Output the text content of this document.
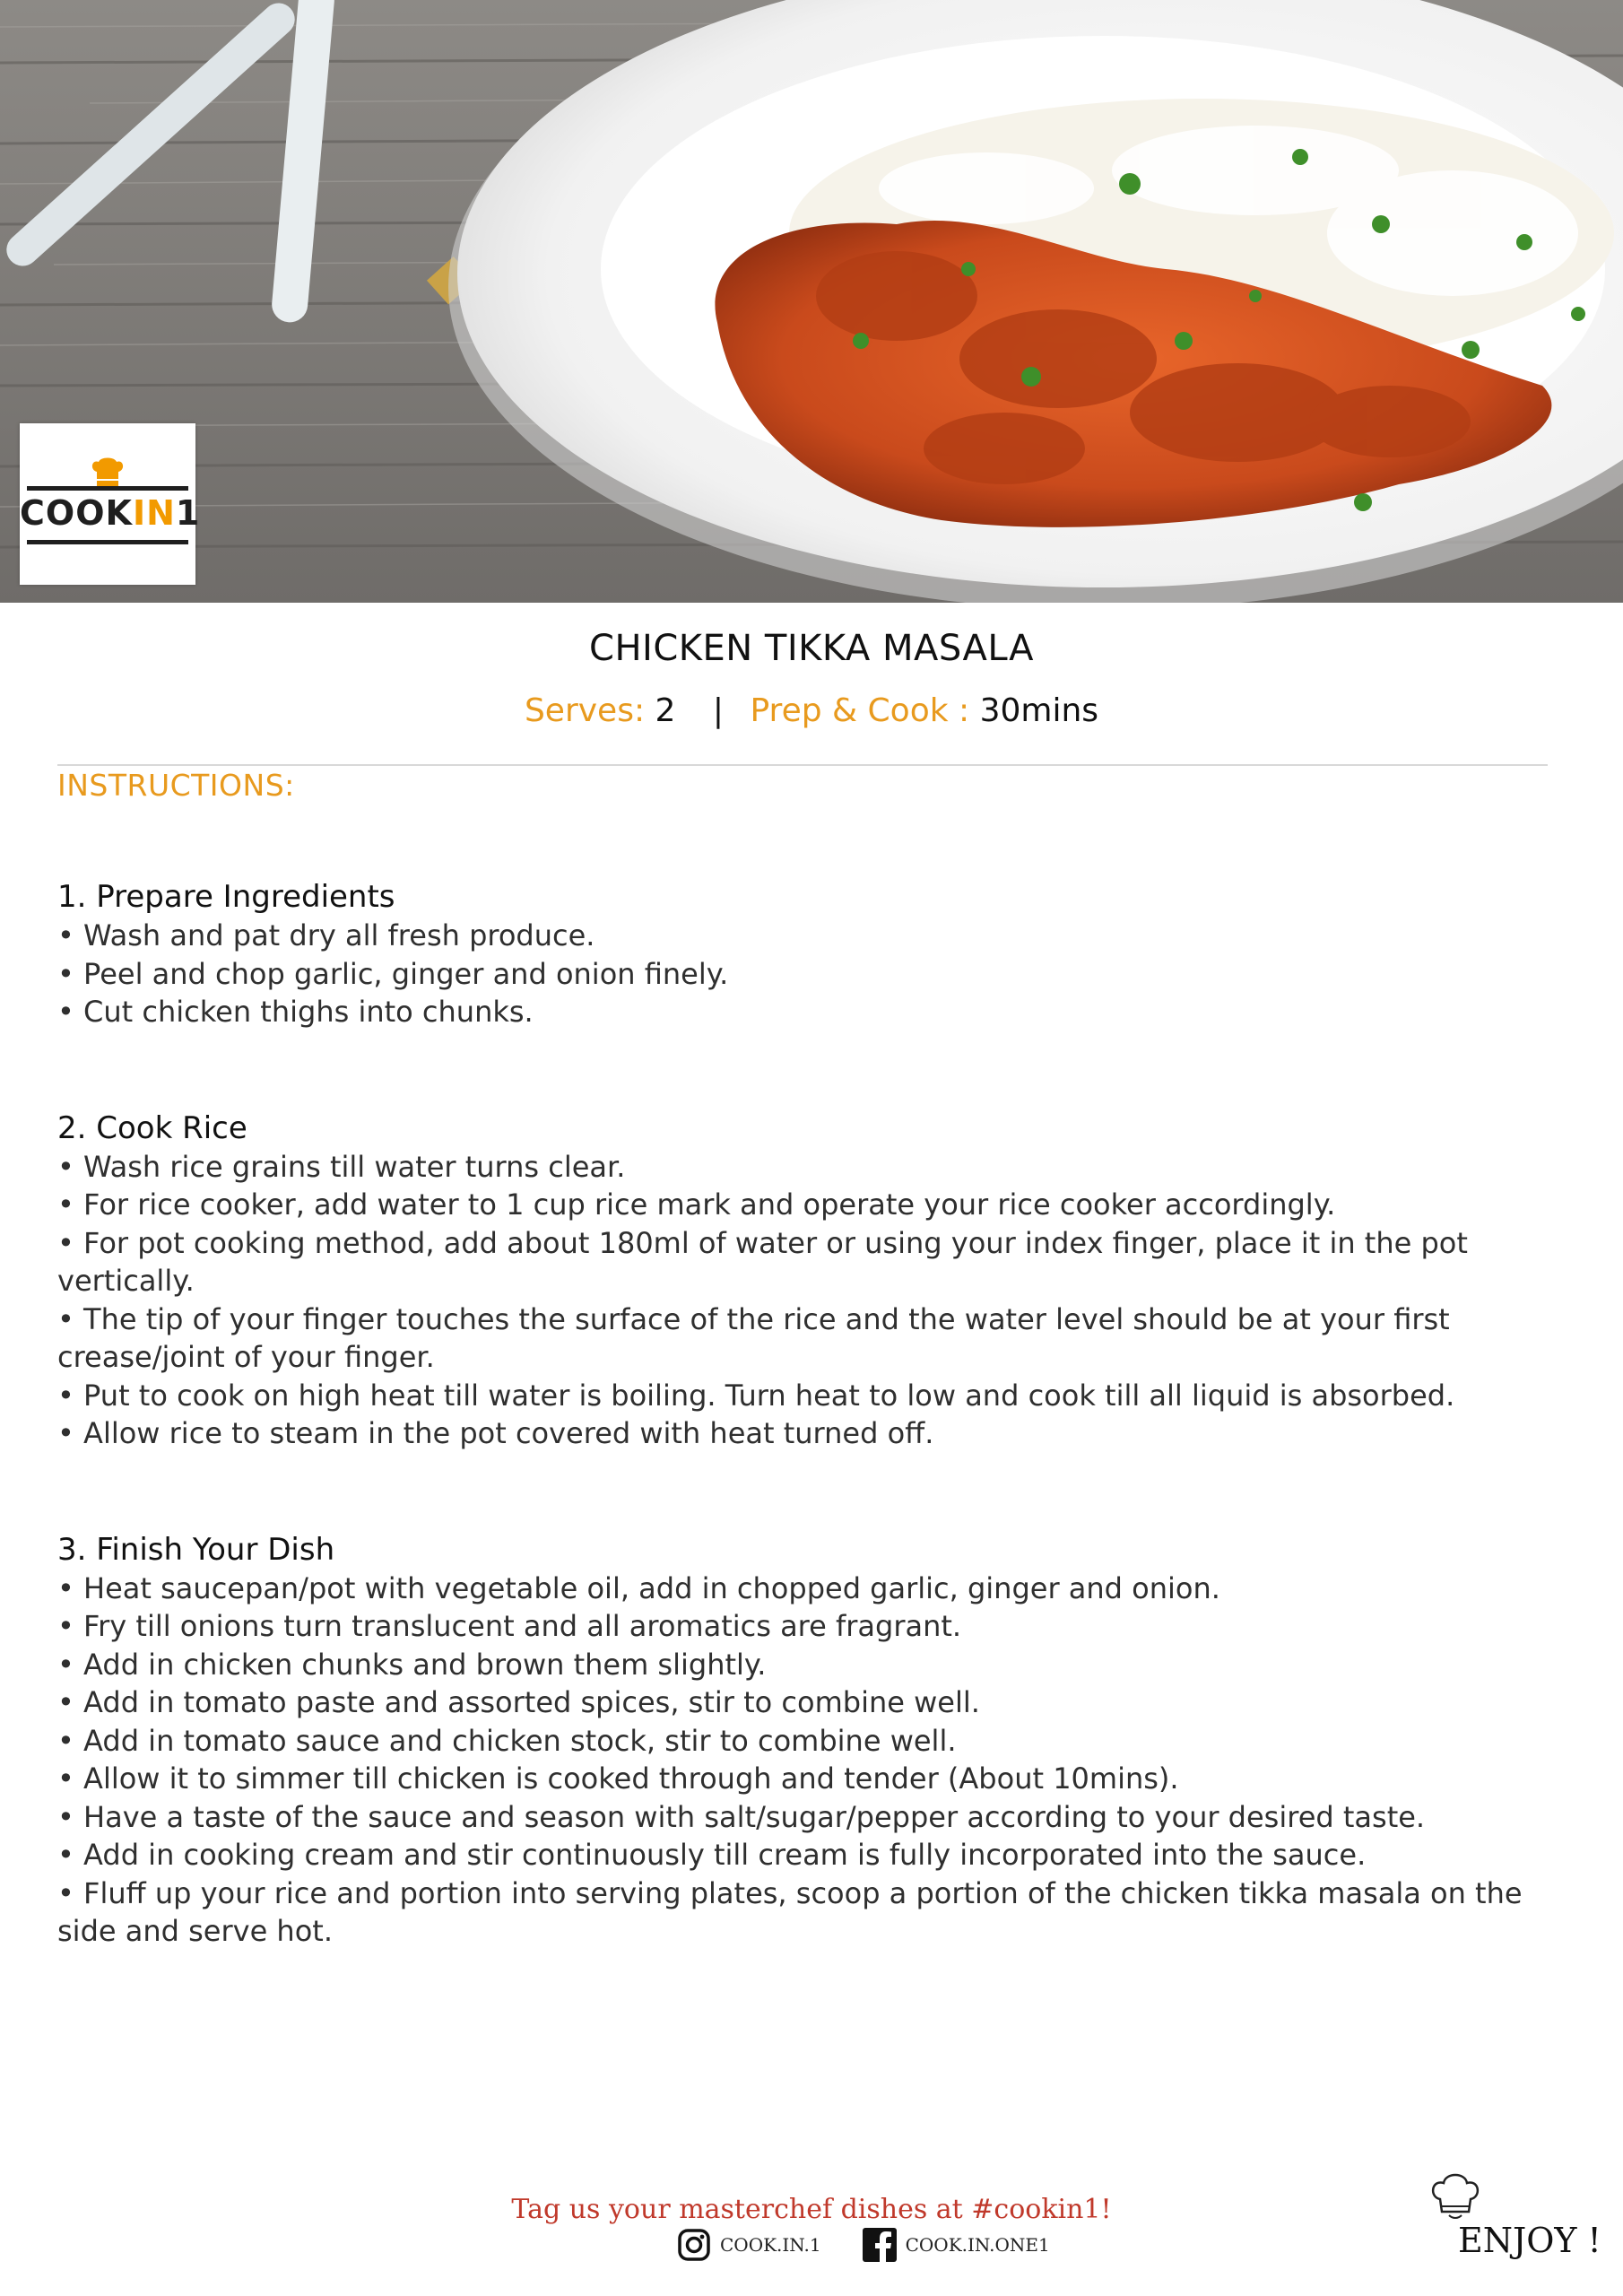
COOKIN1
CHICKEN TIKKA MASALA
Serves: 2 | Prep & Cook : 30mins
INSTRUCTIONS:
1. Prepare Ingredients
• Wash and pat dry all fresh produce.
• Peel and chop garlic, ginger and onion finely.
• Cut chicken thighs into chunks.
2. Cook Rice
• Wash rice grains till water turns clear.
• For rice cooker, add water to 1 cup rice mark and operate your rice cooker accordingly.
• For pot cooking method, add about 180ml of water or using your index finger, place it in the pot vertically.
• The tip of your finger touches the surface of the rice and the water level should be at your first crease/joint of your finger.
• Put to cook on high heat till water is boiling. Turn heat to low and cook till all liquid is absorbed.
• Allow rice to steam in the pot covered with heat turned off.
3. Finish Your Dish
• Heat saucepan/pot with vegetable oil, add in chopped garlic, ginger and onion.
• Fry till onions turn translucent and all aromatics are fragrant.
• Add in chicken chunks and brown them slightly.
• Add in tomato paste and assorted spices, stir to combine well.
• Add in tomato sauce and chicken stock, stir to combine well.
• Allow it to simmer till chicken is cooked through and tender (About 10mins).
• Have a taste of the sauce and season with salt/sugar/pepper according to your desired taste.
• Add in cooking cream and stir continuously till cream is fully incorporated into the sauce.
• Fluff up your rice and portion into serving plates, scoop a portion of the chicken tikka masala on the side and serve hot.
Tag us your masterchef dishes at #cookin1!
COOK.IN.1	COOK.IN.ONE1	ENJOY !
